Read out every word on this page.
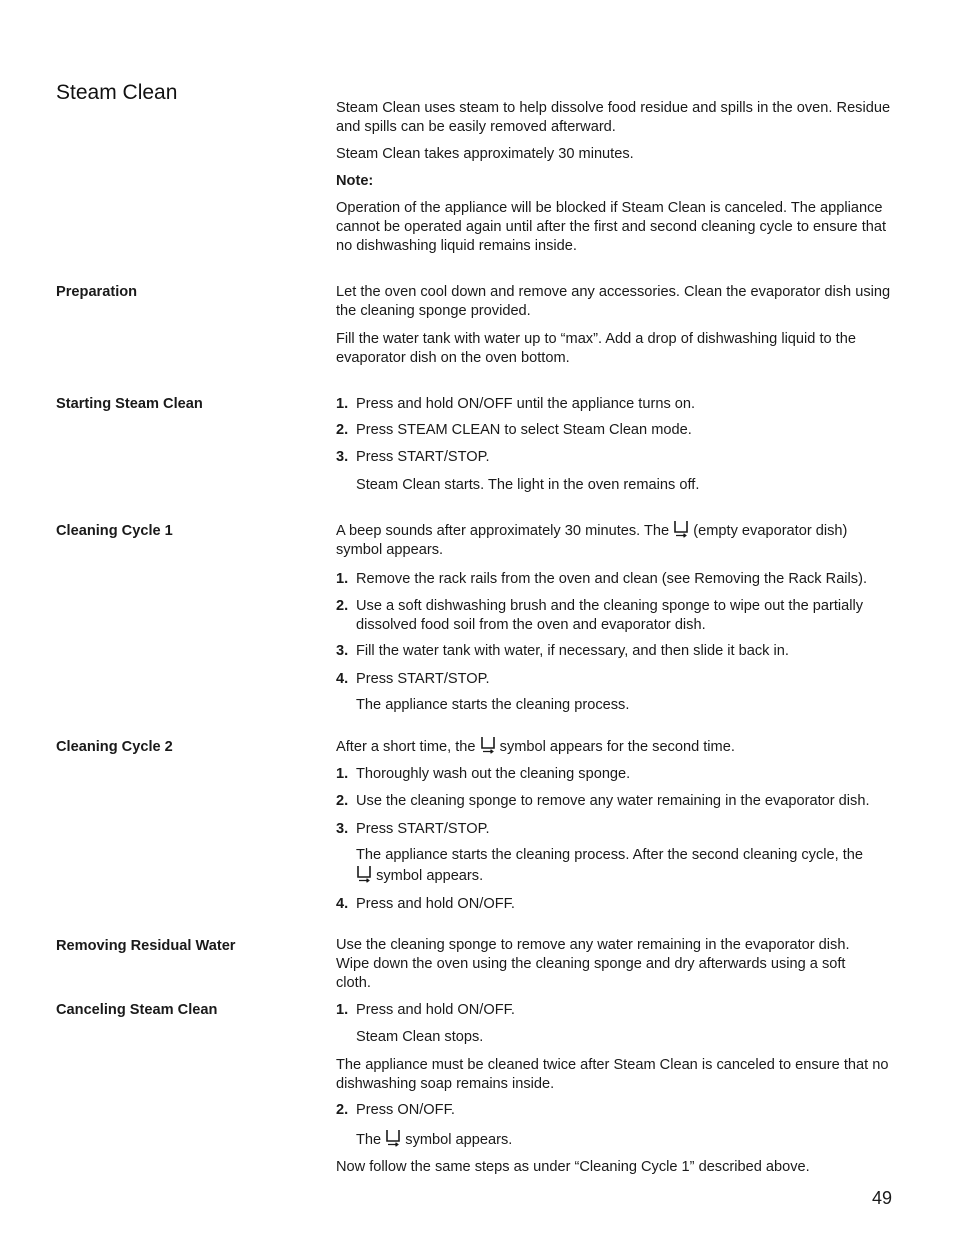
Steam Clean

Steam Clean uses steam to help dissolve food residue and spills in the oven. Residue and spills can be easily removed afterward.

Steam Clean takes approximately 30 minutes.

Note:

Operation of the appliance will be blocked if Steam Clean is canceled. The appliance cannot be operated again until after the first and second cleaning cycle to ensure that no dishwashing liquid remains inside.

Preparation	Let the oven cool down and remove any accessories. Clean the evaporator dish using the cleaning sponge provided.

Fill the water tank with water up to “max”. Add a drop of dishwashing liquid to the evaporator dish on the oven bottom.

Starting Steam Clean	1. Press and hold ON/OFF until the appliance turns on.
2. Press STEAM CLEAN to select Steam Clean mode.
3. Press START/STOP.

Steam Clean starts. The light in the oven remains off.

Cleaning Cycle 1	A beep sounds after approximately 30 minutes. The (empty evaporator dish)
symbol appears.

1. Remove the rack rails from the oven and clean (see Removing the Rack Rails).
2. Use a soft dishwashing brush and the cleaning sponge to wipe out the partially dissolved food soil from the oven and evaporator dish.
3. Fill the water tank with water, if necessary, and then slide it back in.
4. Press START/STOP.

The appliance starts the cleaning process.

Cleaning Cycle 2	After a short time, the symbol appears for the second time.

1. Thoroughly wash out the cleaning sponge.
2. Use the cleaning sponge to remove any water remaining in the evaporator dish.
3. Press START/STOP.

The appliance starts the cleaning process. After the second cleaning cycle, the
symbol appears.

4. Press and hold ON/OFF.
Removing Residual Water	Use the cleaning sponge to remove any water remaining in the evaporator dish. Wipe down the oven using the cleaning sponge and dry afterwards using a soft cloth.

Canceling Steam Clean	1. Press and hold ON/OFF.

Steam Clean stops.

The appliance must be cleaned twice after Steam Clean is canceled to ensure that no dishwashing soap remains inside.

2. Press ON/OFF.

The symbol appears.

Now follow the same steps as under “Cleaning Cycle 1” described above.

49
